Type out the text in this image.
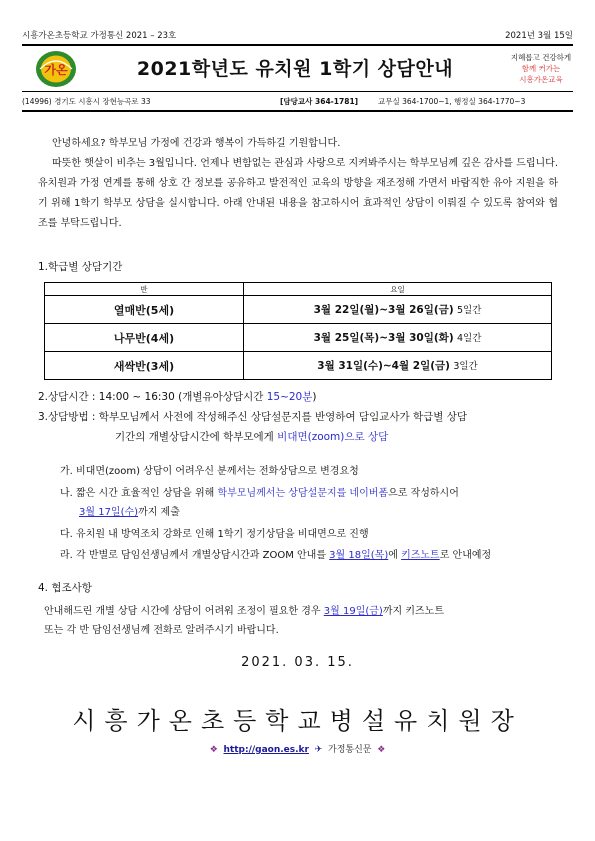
시흥가온초등학교 가정통신 2021 – 23호	2021년 3월 15일
가온	2021학년도 유치원 1학기 상담안내
지혜롭고 건강하게
함께 커가는
시흥가온교육
(14996) 경기도 시흥시 장현능곡로 33	[담당교사 364-1781]	교무실 364-1700~1, 행정실 364-1770~3
안녕하세요? 학부모님 가정에 건강과 행복이 가득하길 기원합니다.
따뜻한 햇살이 비추는 3월입니다. 언제나 변함없는 관심과 사랑으로 지켜봐주시는 학부모님께 깊은 감사를 드립니다. 유치원과 가정 연계를 통해 상호 간 정보를 공유하고 발전적인 교육의 방향을 재조정해 가면서 바람직한 유아 지원을 하기 위해 1학기 학부모 상담을 실시합니다. 아래 안내된 내용을 참고하시어 효과적인 상담이 이뤄질 수 있도록 참여와 협조를 부탁드립니다.
1.학급별 상담기간
반	요일
열매반(5세)	3월 22일(월)~3월 26일(금) 5일간
나무반(4세)	3월 25일(목)~3월 30일(화) 4일간
새싹반(3세)	3월 31일(수)~4월 2일(금) 3일간
2.상담시간 : 14:00 ~ 16:30 (개별유아상담시간 15~20분)
3.상담방법 : 학부모님께서 사전에 작성해주신 상담설문지를 반영하여 담임교사가 학급별 상담
기간의 개별상담시간에 학부모에게 비대면(zoom)으로 상담
가. 비대면(zoom) 상담이 어려우신 분께서는 전화상담으로 변경요청
나. 짧은 시간 효율적인 상담을 위해 학부모님께서는 상담설문지를 네이버폼으로 작성하시어
3월 17일(수)까지 제출
다. 유치원 내 방역조치 강화로 인해 1학기 정기상담을 비대면으로 진행
라. 각 반별로 담임선생님께서 개별상담시간과 ZOOM 안내를 3월 18일(목)에 키즈노트로 안내예정
4. 협조사항
안내해드린 개별 상담 시간에 상담이 어려워 조정이 필요한 경우 3월 19일(금)까지 키즈노트
또는 각 반 담임선생님께 전화로 알려주시기 바랍니다.
2021. 03. 15.
시흥가온초등학교병설유치원장
❖ http://gaon.es.kr ✈ 가정통신문 ❖
